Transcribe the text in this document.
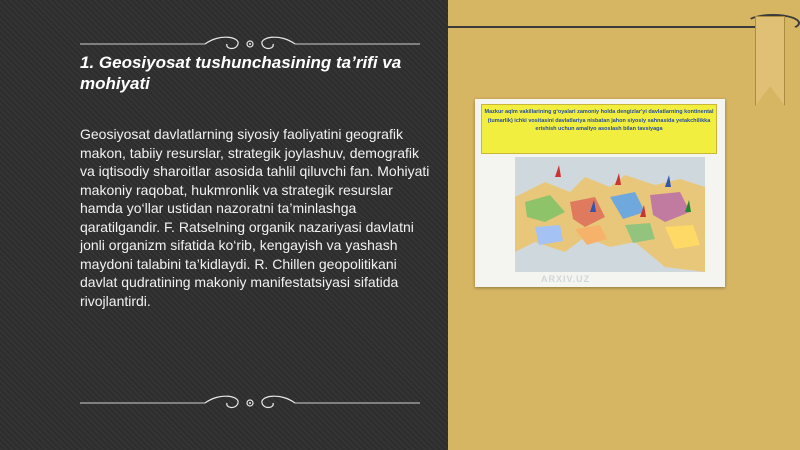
1. Geosiyosat tushunchasining ta’rifi va mohiyati
Geosiyosat davlatlarning siyosiy faoliyatini geografik makon, tabiiy resurslar, strategik joylashuv, demografik va iqtisodiy sharoitlar asosida tahlil qiluvchi fan. Mohiyati makoniy raqobat, hukmronlik va strategik resurslar hamda yo‘llar ustidan nazoratni ta’minlashga qaratilgandir. F. Ratselning organik nazariyasi davlatni jonli organizm sifatida ko‘rib, kengayish va yashash maydoni talabini ta’kidlaydi. R. Chillen geopolitikani davlat qudratining makoniy manifestatsiyasi sifatida rivojlantirdi.
Mazkur aqlm vakillarining g‘oyalari zamoniy holda dengizlar'yi davlatlarning kontinental (tumarlik) ichki vositasini davlatlariya nisbatan jahon siyosiy sahnasida yetakchilikka erishish uchun amaliyo asoslash bilan tavsiyaga
ARXIV.UZ
